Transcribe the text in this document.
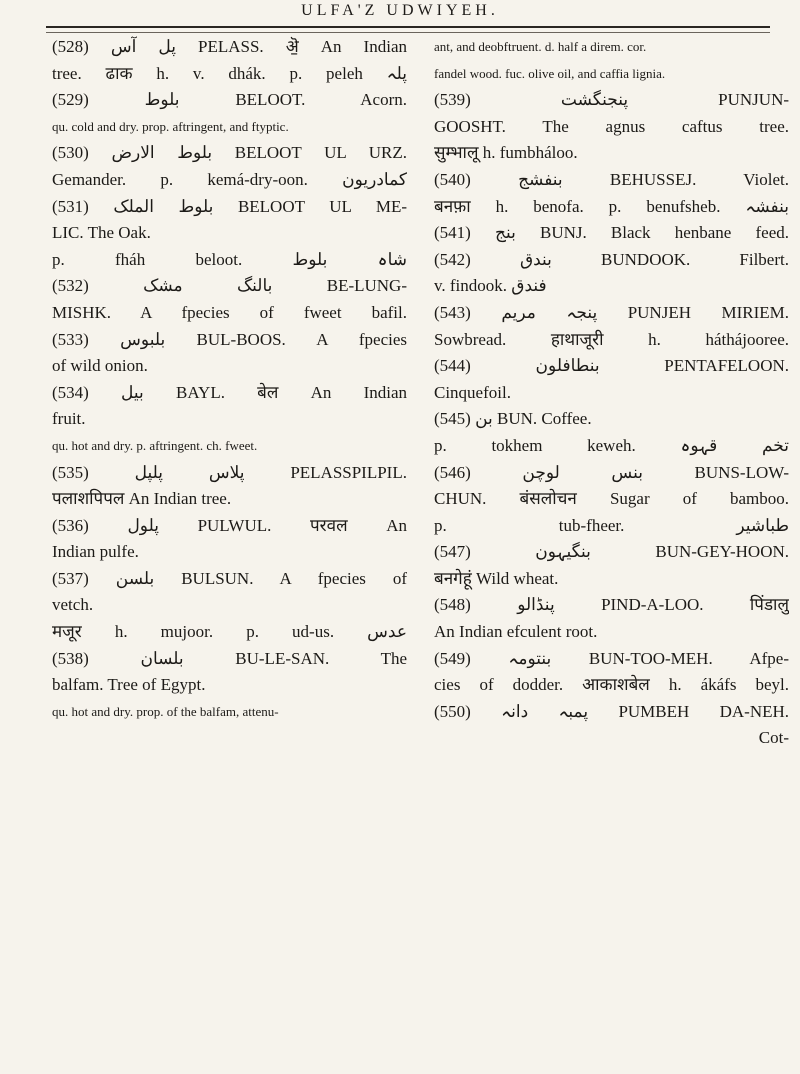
ULFA'Z UDWIYEH.
(528) پل آس PELASS. ऄ॒ An Indian
tree. ढाक h. v. dhák. p. peleh پلہ
(529) بلوط BELOOT. Acorn.
qu. cold and dry. prop. aftringent, and ftyptic.
(530) بلوط الارض BELOOT UL URZ.
Gemander. p. kemá-dry-oon. کمادریون
(531) بلوط الملک BELOOT UL ME-
LIC. The Oak.
p. fháh beloot. شاہ بلوط
(532) بالنگ مشک BE-LUNG-
MISHK. A fpecies of fweet bafil.
(533) بلبوس BUL-BOOS. A fpecies
of wild onion.
(534) بیل BAYL. बेल An Indian
fruit.
qu. hot and dry. p. aftringent. ch. fweet.
(535) پلاس پلپل PELASSPILPIL.
पलाशपिपल An Indian tree.
(536) پلول PULWUL. परवल An
Indian pulfe.
(537) بلسن BULSUN. A fpecies of
vetch.
मजूर h. mujoor. p. ud-us. عدس
(538) بلسان BU-LE-SAN. The
balfam. Tree of Egypt.
qu. hot and dry. prop. of the balfam, attenu-
ant, and deobftruent. d. half a direm. cor.
fandel wood. fuc. olive oil, and caffia lignia.
(539) پنجنگشت PUNJUN-
GOOSHT. The agnus caftus tree.
सुम्भालू h. fumbháloo.
(540) بنفشج BEHUSSEJ. Violet.
बनफ़ा h. benofa. p. benufsheb. بنفشہ
(541) بنج BUNJ. Black henbane feed.
(542) بندق BUNDOOK. Filbert.
v. findook. فندق
(543) پنجہ مریم PUNJEH MIRIEM.
Sowbread. हाथाजूरी h. háthájooree.
(544) بنطافلون PENTAFELOON.
Cinquefoil.
(545) بن BUN. Coffee.
p. tokhem keweh. تخم قہوہ
(546) بنس لوچن BUNS-LOW-
CHUN. बंसलोचन Sugar of bamboo.
p. tub-fheer. طباشیر
(547) بنگیہون BUN-GEY-HOON.
बनगेहूं Wild wheat.
(548) پنڈالو PIND-A-LOO. पिंडालु
An Indian efculent root.
(549) بنتومہ BUN-TOO-MEH. Afpe-
cies of dodder. आकाशबेल h. ákáfs beyl.
(550) پمبہ دانہ PUMBEH DA-NEH.
Cot-
